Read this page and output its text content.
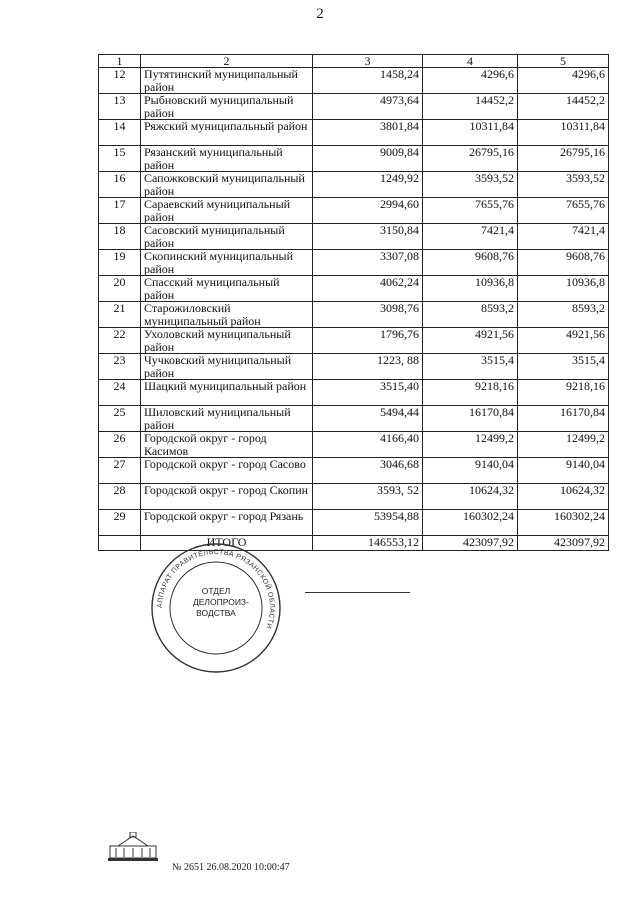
2
1	2	3	4	5
12	Путятинский муниципальный район	1458,24	4296,6	4296,6
13	Рыбновский муниципальный район	4973,64	14452,2	14452,2
14	Ряжский муниципальный район	3801,84	10311,84	10311,84
15	Рязанский муниципальный район	9009,84	26795,16	26795,16
16	Сапожковский муниципальный район	1249,92	3593,52	3593,52
17	Сараевский муниципальный район	2994,60	7655,76	7655,76
18	Сасовский муниципальный район	3150,84	7421,4	7421,4
19	Скопинский муниципальный район	3307,08	9608,76	9608,76
20	Спасский муниципальный район	4062,24	10936,8	10936,8
21	Старожиловский муниципальный район	3098,76	8593,2	8593,2
22	Ухоловский муниципальный район	1796,76	4921,56	4921,56
23	Чучковский муниципальный район	1223, 88	3515,4	3515,4
24	Шацкий муниципальный район	3515,40	9218,16	9218,16
25	Шиловский муниципальный район	5494,44	16170,84	16170,84
26	Городской округ - город Касимов	4166,40	12499,2	12499,2
27	Городской округ - город Сасово	3046,68	9140,04	9140,04
28	Городской округ - город Скопин	3593, 52	10624,32	10624,32
29	Городской округ - город Рязань	53954,88	160302,24	160302,24
	ИТОГО	146553,12	423097,92	423097,92
АППАРАТ ПРАВИТЕЛЬСТВА РЯЗАНСКОЙ ОБЛАСТИ
ОТДЕЛ
ДЕЛОПРОИЗ-
ВОДСТВА
№ 2651 26.08.2020 10:00:47
